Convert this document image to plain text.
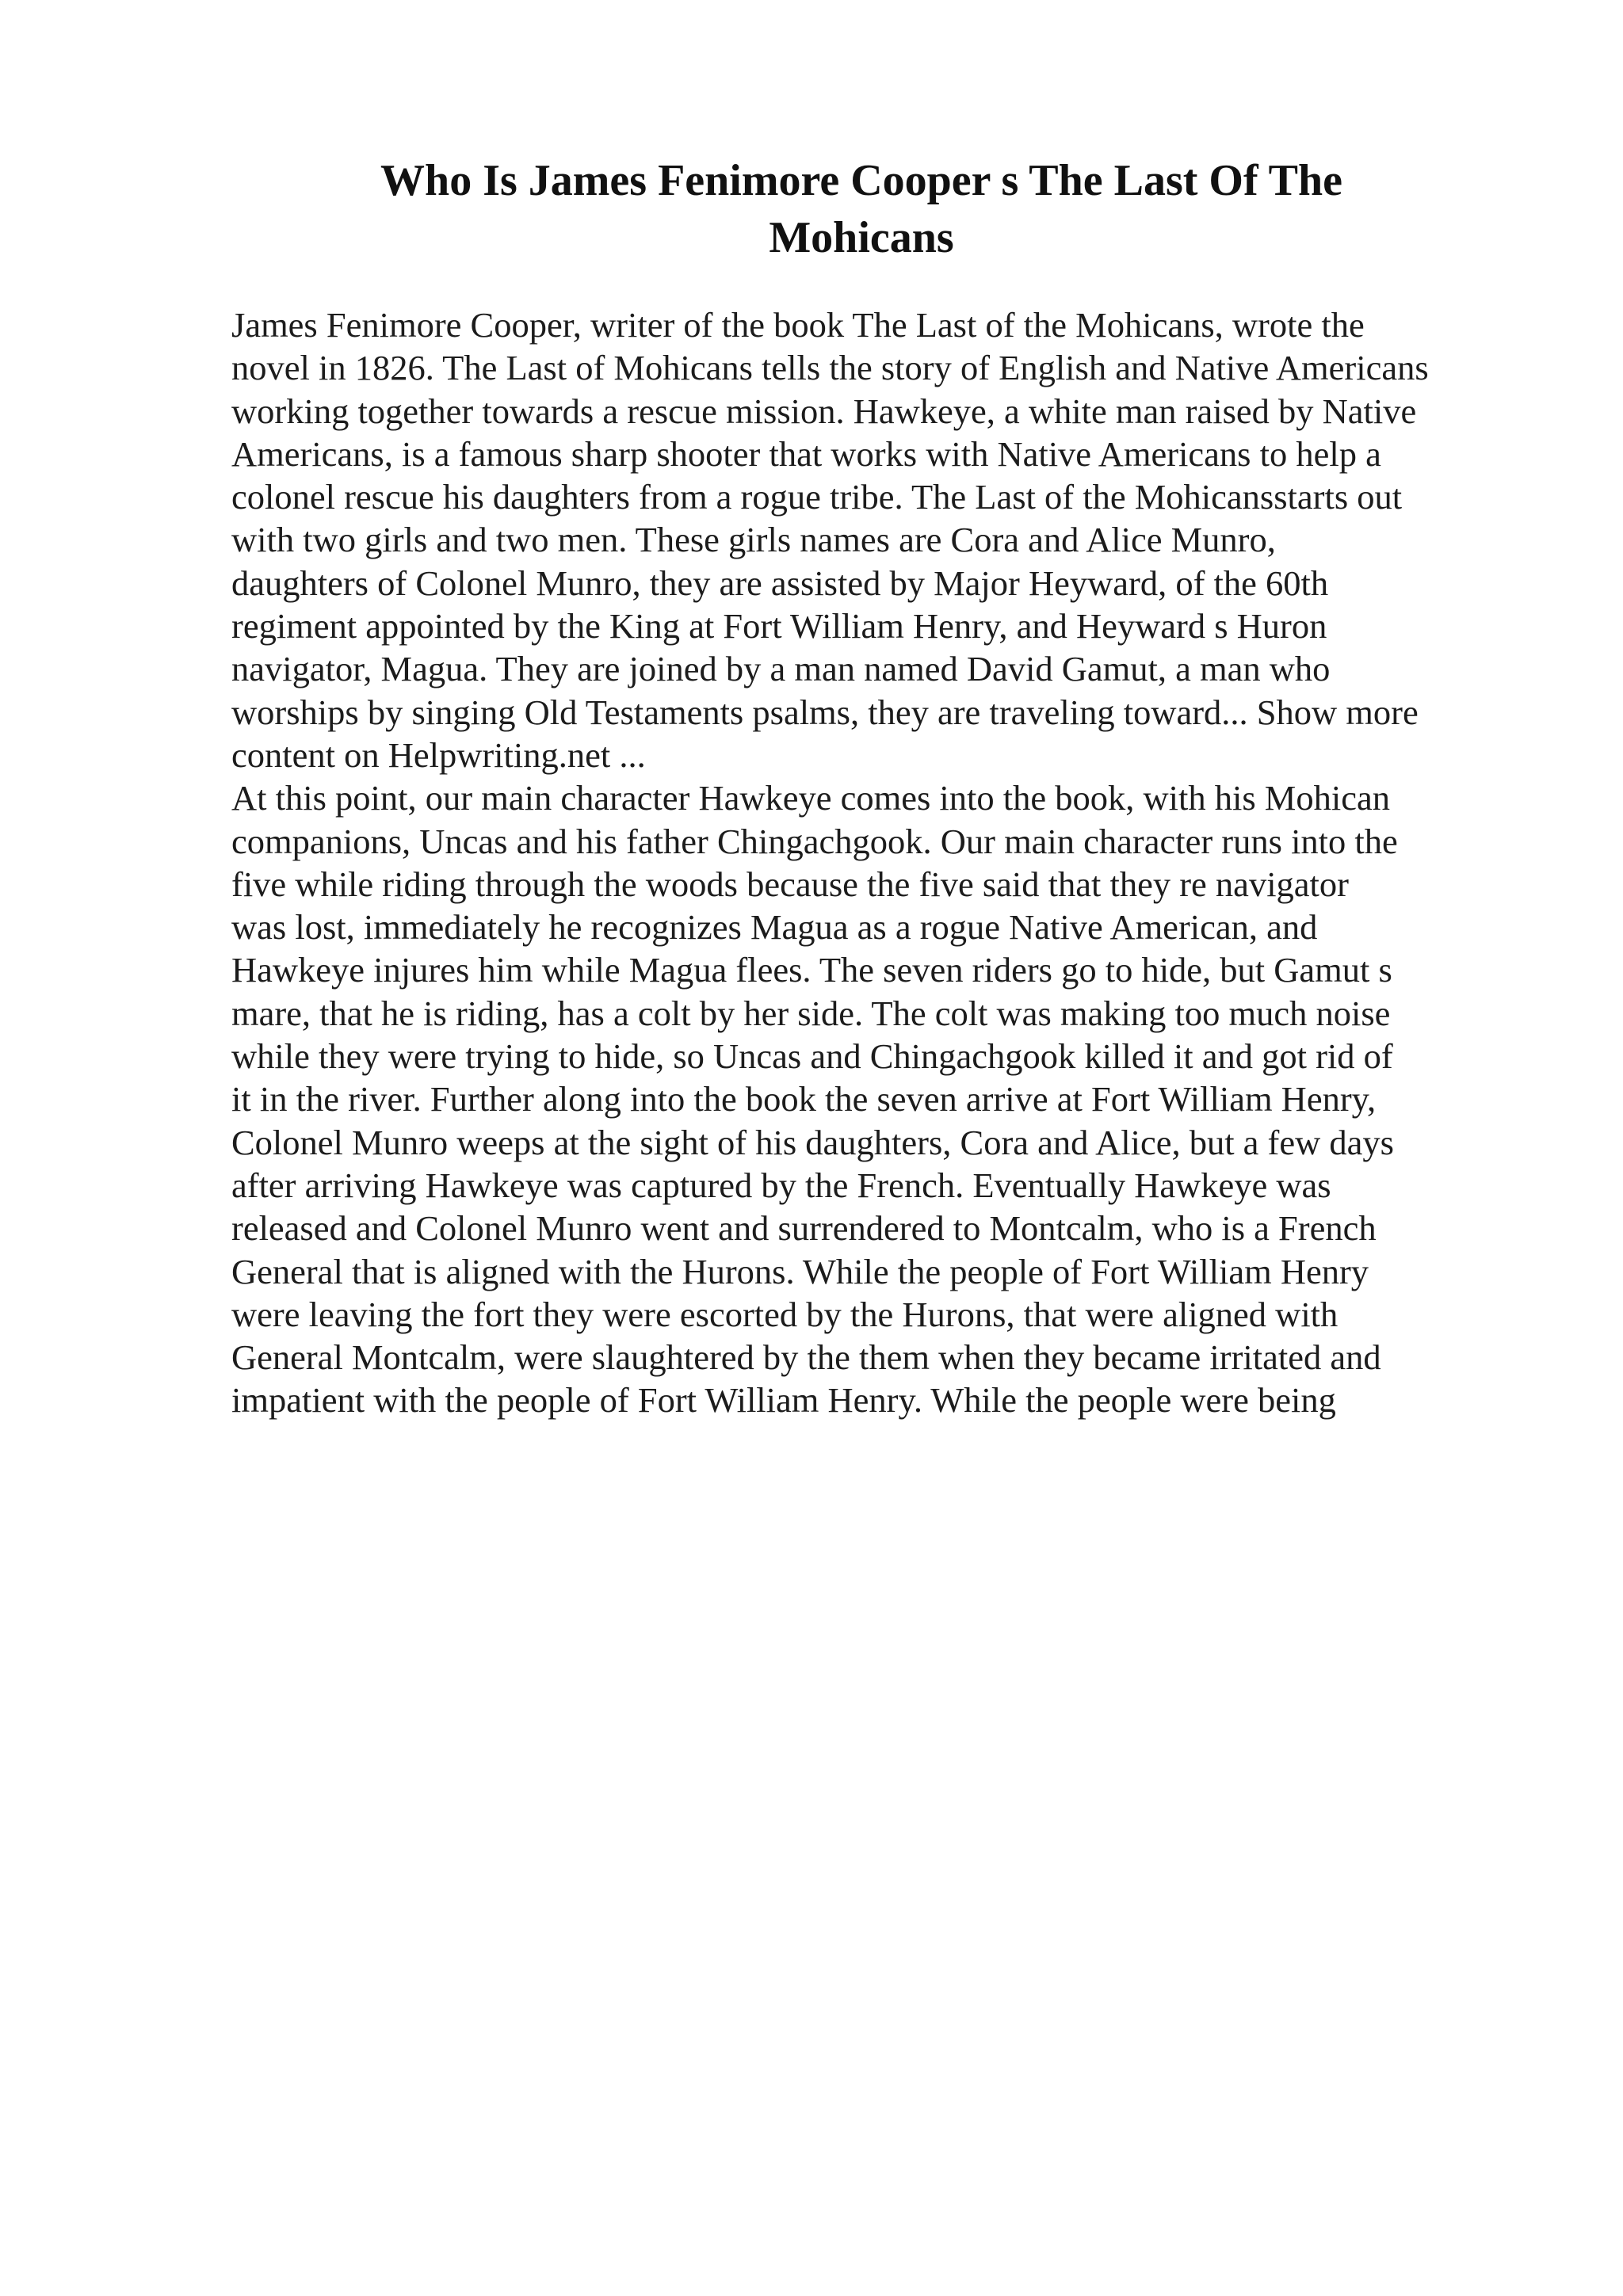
Who Is James Fenimore Cooper s The Last Of The
Mohicans
James Fenimore Cooper, writer of the book The Last of the Mohicans, wrote the
novel in 1826. The Last of Mohicans tells the story of English and Native Americans
working together towards a rescue mission. Hawkeye, a white man raised by Native
Americans, is a famous sharp shooter that works with Native Americans to help a
colonel rescue his daughters from a rogue tribe. The Last of the Mohicansstarts out
with two girls and two men. These girls names are Cora and Alice Munro,
daughters of Colonel Munro, they are assisted by Major Heyward, of the 60th
regiment appointed by the King at Fort William Henry, and Heyward s Huron
navigator, Magua. They are joined by a man named David Gamut, a man who
worships by singing Old Testaments psalms, they are traveling toward... Show more
content on Helpwriting.net ...
At this point, our main character Hawkeye comes into the book, with his Mohican
companions, Uncas and his father Chingachgook. Our main character runs into the
five while riding through the woods because the five said that they re navigator
was lost, immediately he recognizes Magua as a rogue Native American, and
Hawkeye injures him while Magua flees. The seven riders go to hide, but Gamut s
mare, that he is riding, has a colt by her side. The colt was making too much noise
while they were trying to hide, so Uncas and Chingachgook killed it and got rid of
it in the river. Further along into the book the seven arrive at Fort William Henry,
Colonel Munro weeps at the sight of his daughters, Cora and Alice, but a few days
after arriving Hawkeye was captured by the French. Eventually Hawkeye was
released and Colonel Munro went and surrendered to Montcalm, who is a French
General that is aligned with the Hurons. While the people of Fort William Henry
were leaving the fort they were escorted by the Hurons, that were aligned with
General Montcalm, were slaughtered by the them when they became irritated and
impatient with the people of Fort William Henry. While the people were being
